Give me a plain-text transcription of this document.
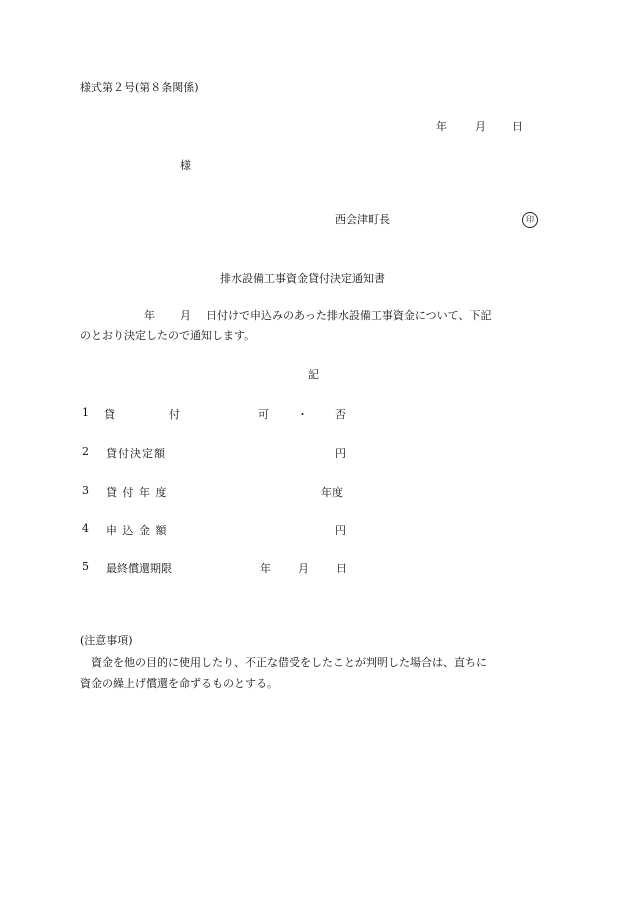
様式第２号(第８条関係)
年	月 日
様
西会津町長	印
排水設備工事資金貸付決定通知書
年 月 日付けで申込みのあった排水設備工事資金について、下記
のとおり決定したので通知します。
記
1 貸	付	可	・ 否
2 貸付決定額	円
3 貸 付 年 度	年度
4 申 込 金 額	円
5 最終償還期限	年 月 日
(注意事項)
資金を他の目的に使用したり、不正な借受をしたことが判明した場合は、直ちに
資金の繰上げ償還を命ずるものとする。
